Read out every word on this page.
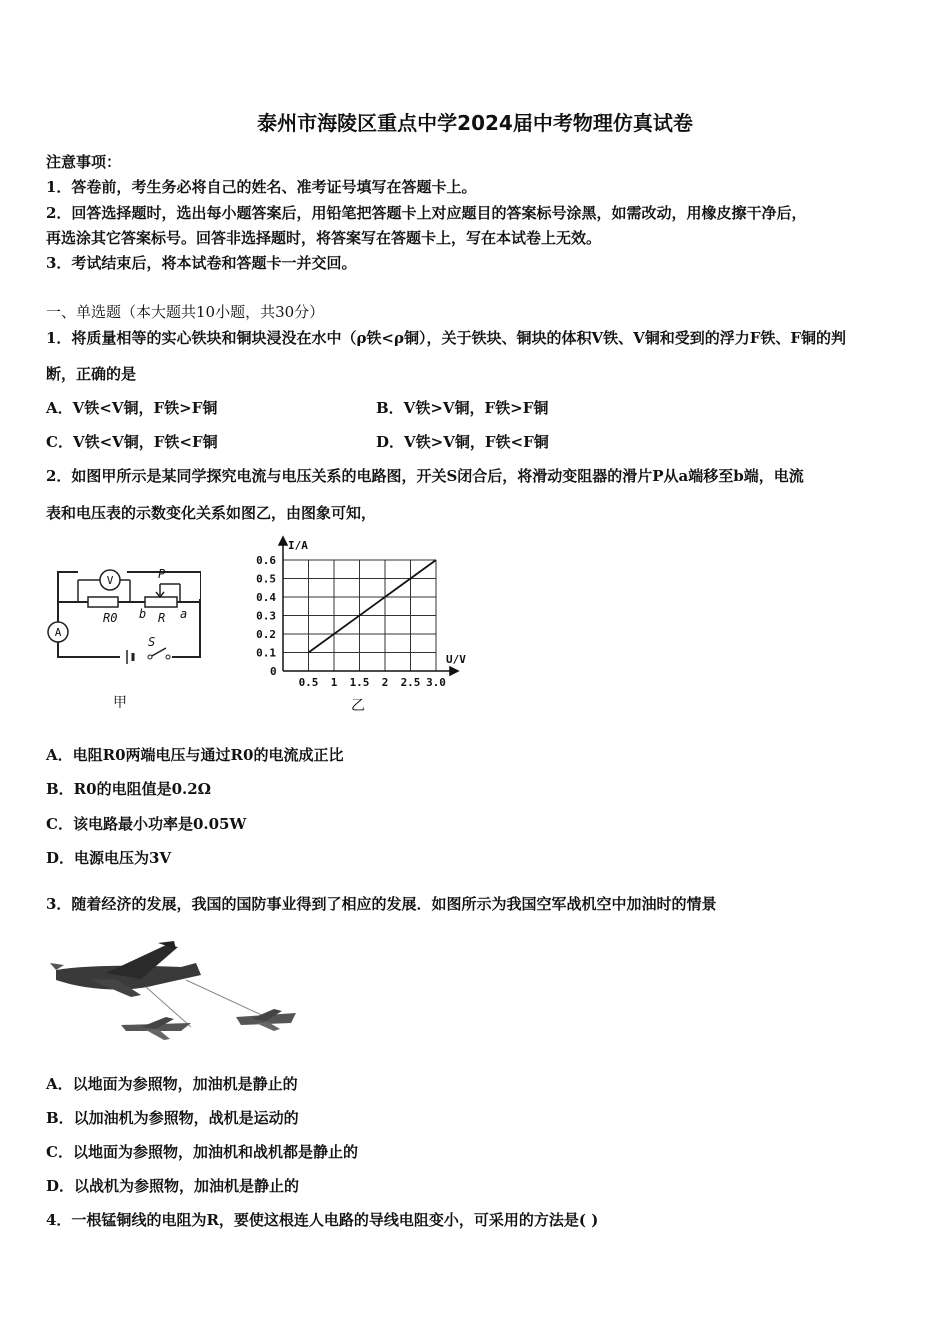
泰州市海陵区重点中学2024届中考物理仿真试卷
注意事项：
1．答卷前，考生务必将自己的姓名、准考证号填写在答题卡上。
2．回答选择题时，选出每小题答案后，用铅笔把答题卡上对应题目的答案标号涂黑，如需改动，用橡皮擦干净后，
再选涂其它答案标号。回答非选择题时，将答案写在答题卡上，写在本试卷上无效。
3．考试结束后，将本试卷和答题卡一并交回。
一、单选题（本大题共10小题，共30分）
1．将质量相等的实心铁块和铜块浸没在水中（ρ铁<ρ铜），关于铁块、铜块的体积V铁、V铜和受到的浮力F铁、F铜的判
断，正确的是
A．V铁<V铜，F铁>F铜	B．V铁>V铜，F铁>F铜
C．V铁<V铜，F铁<F铜	D．V铁>V铜，F铁<F铜
2．如图甲所示是某同学探究电流与电压关系的电路图，开关S闭合后，将滑动变阻器的滑片P从a端移至b端，电流
表和电压表的示数变化关系如图乙，由图象可知，
V
A
P
R0	R a
b
S
甲
0.5 1 1.5 2 2.5 3.0
0.1
0.2
0.3
0.4
0.5
0.6
I/A
U/V
0
乙
A．电阻R0两端电压与通过R0的电流成正比
B．R0的电阻值是0.2Ω
C．该电路最小功率是0.05W
D．电源电压为3V
3．随着经济的发展，我国的国防事业得到了相应的发展．如图所示为我国空军战机空中加油时的情景
A．以地面为参照物，加油机是静止的
B．以加油机为参照物，战机是运动的
C．以地面为参照物，加油机和战机都是静止的
D．以战机为参照物，加油机是静止的
4．一根锰铜线的电阻为R，要使这根连人电路的导线电阻变小，可采用的方法是( )
